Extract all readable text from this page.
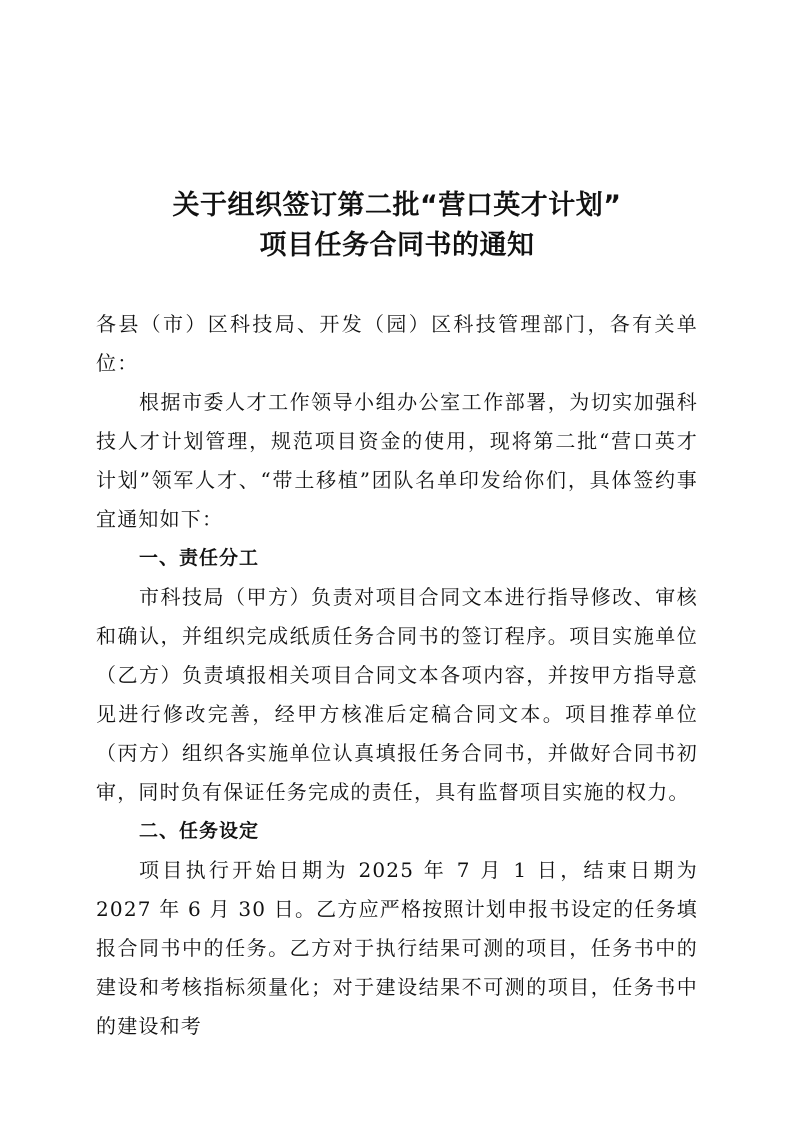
关于组织签订第二批“营口英才计划”
项目任务合同书的通知

各县（市）区科技局、开发（园）区科技管理部门，各有关单位：

根据市委人才工作领导小组办公室工作部署，为切实加强科技人才计划管理，规范项目资金的使用，现将第二批“营口英才计划”领军人才、“带土移植”团队名单印发给你们，具体签约事宜通知如下：

一、责任分工

市科技局（甲方）负责对项目合同文本进行指导修改、审核和确认，并组织完成纸质任务合同书的签订程序。项目实施单位（乙方）负责填报相关项目合同文本各项内容，并按甲方指导意见进行修改完善，经甲方核准后定稿合同文本。项目推荐单位（丙方）组织各实施单位认真填报任务合同书，并做好合同书初审，同时负有保证任务完成的责任，具有监督项目实施的权力。

二、任务设定

项目执行开始日期为 2025 年 7 月 1 日，结束日期为 2027 年 6 月 30 日。乙方应严格按照计划申报书设定的任务填报合同书中的任务。乙方对于执行结果可测的项目，任务书中的建设和考核指标须量化；对于建设结果不可测的项目，任务书中的建设和考
